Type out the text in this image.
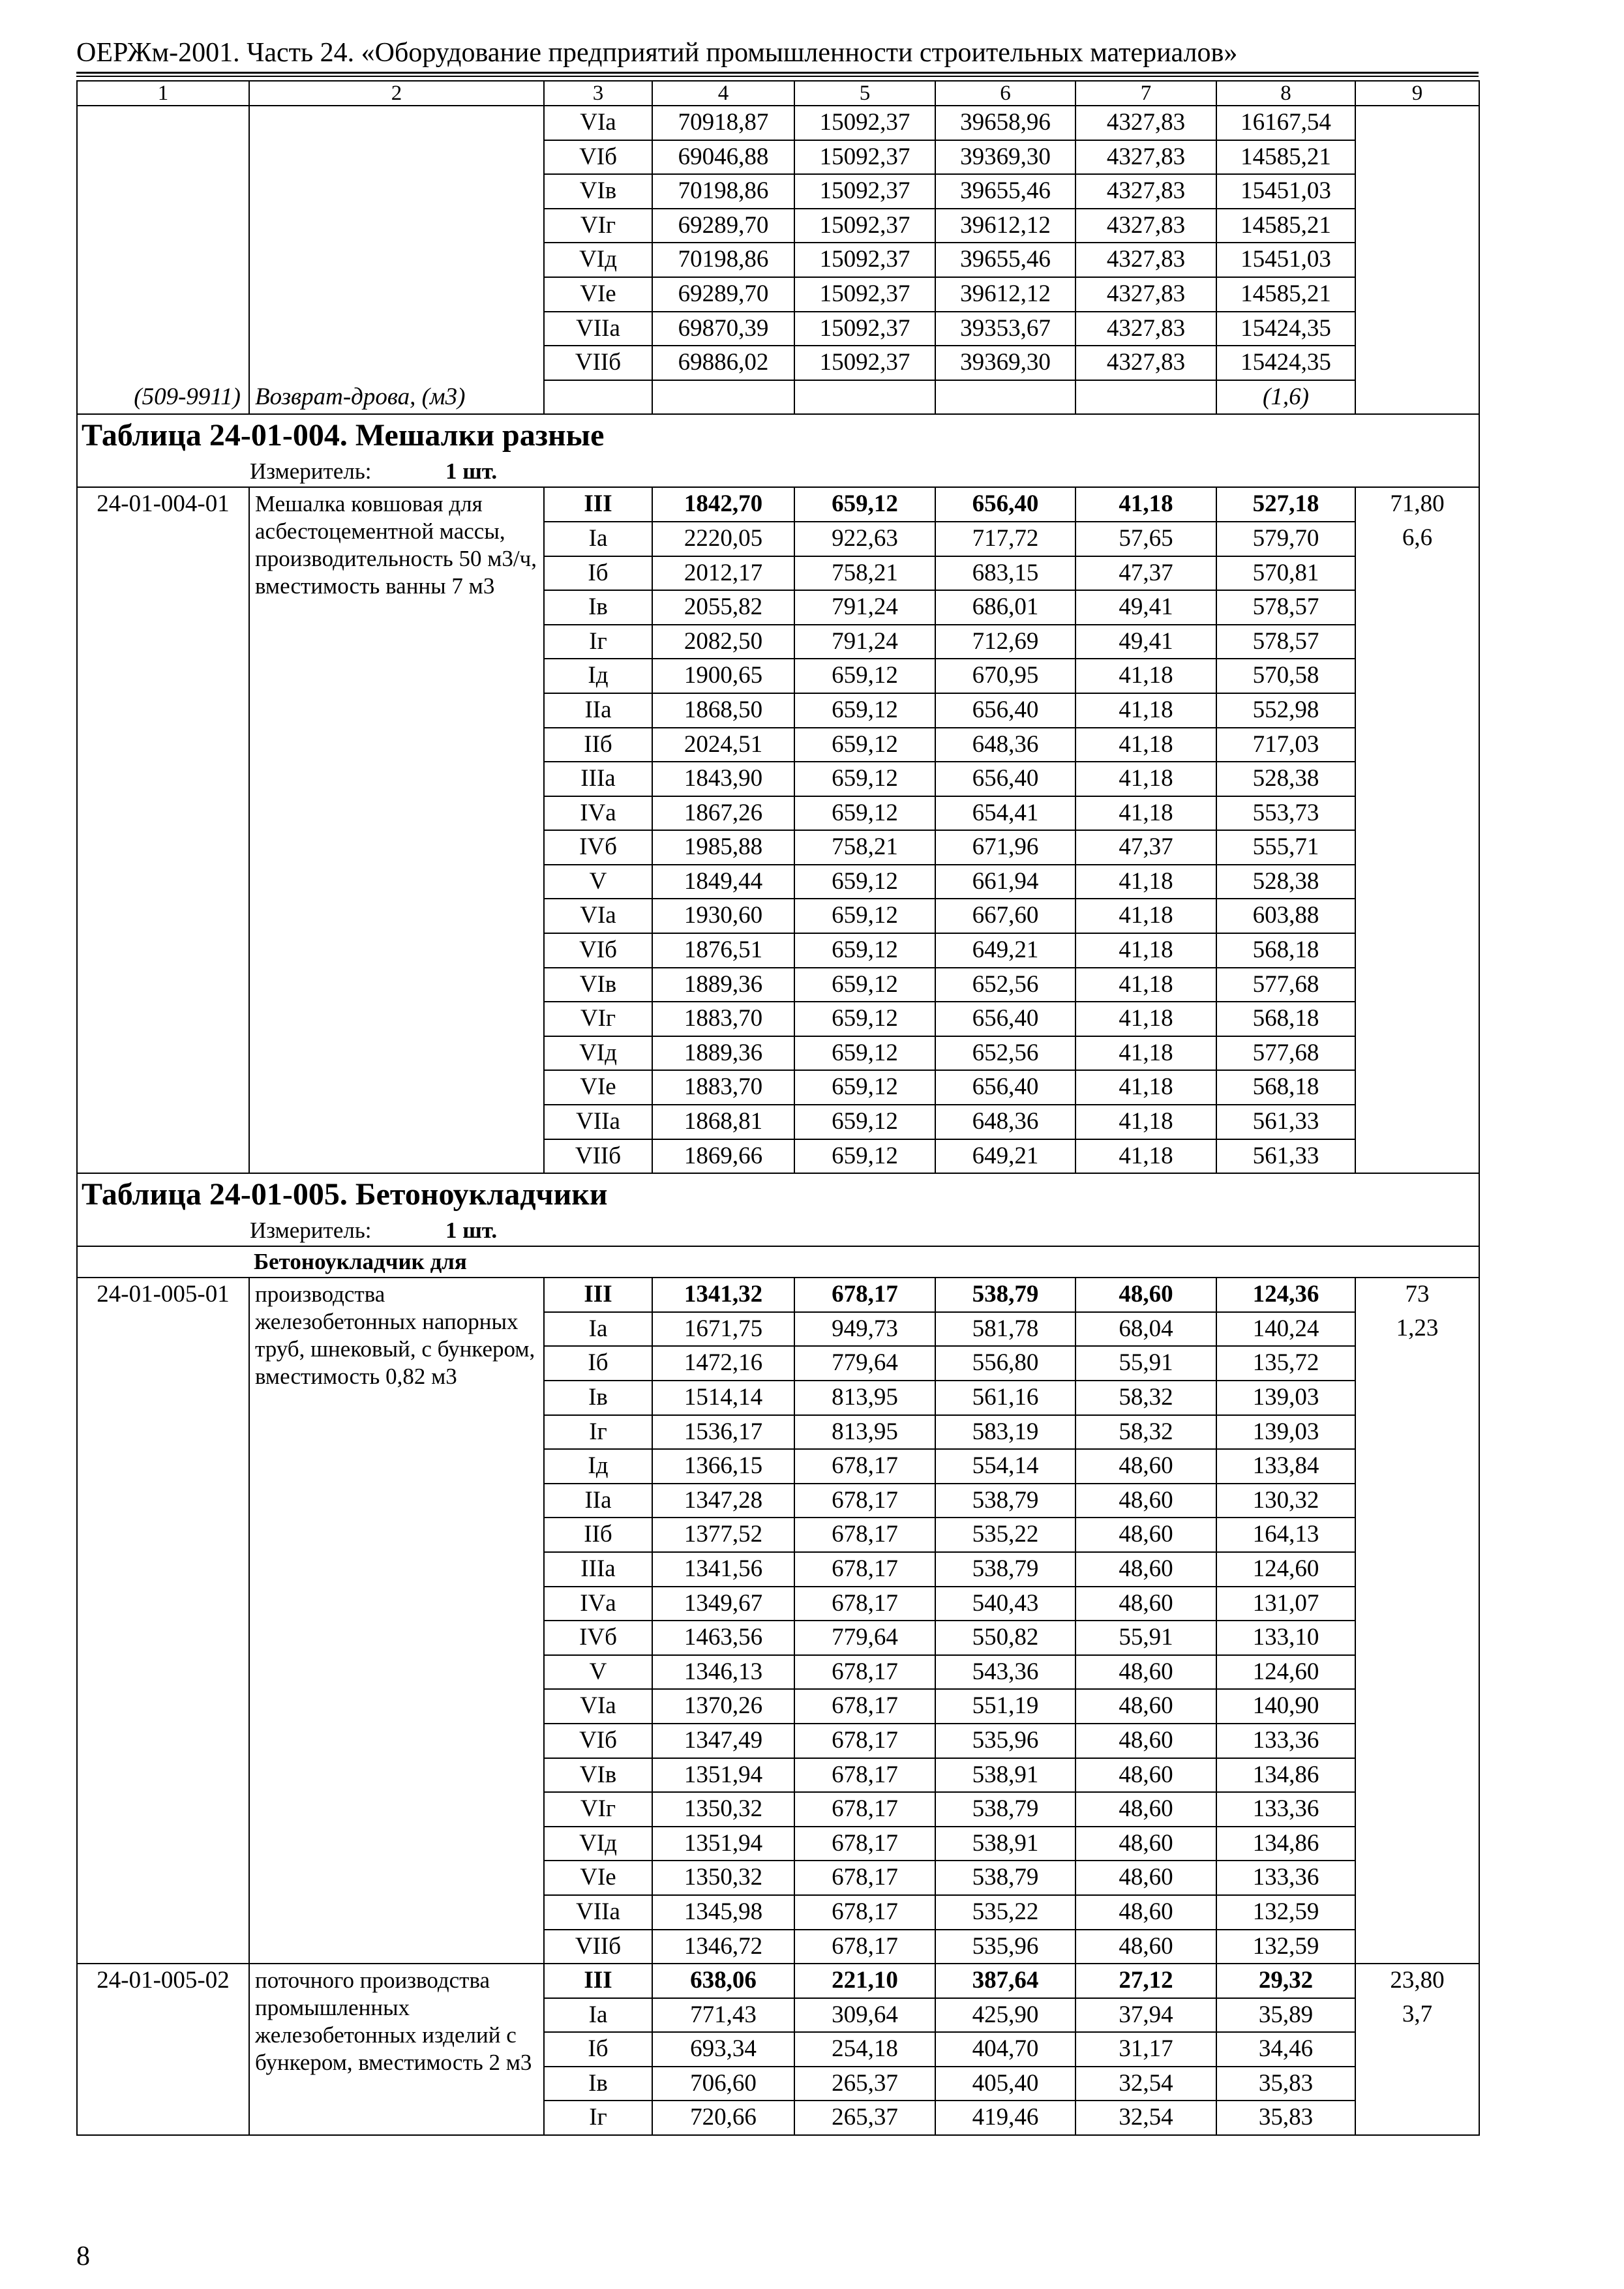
ОЕРЖм-2001. Часть 24. «Оборудование предприятий промышленности строительных материалов»
1	2	3	4	5	6	7	8	9
(509-9911)	Возврат-дрова, (м3)	VIа	70918,87	15092,37	39658,96	4327,83	16167,54	
		VIб	69046,88	15092,37	39369,30	4327,83	14585,21	
		VIв	70198,86	15092,37	39655,46	4327,83	15451,03	
		VIг	69289,70	15092,37	39612,12	4327,83	14585,21	
		VIд	70198,86	15092,37	39655,46	4327,83	15451,03	
		VIе	69289,70	15092,37	39612,12	4327,83	14585,21	
		VIIа	69870,39	15092,37	39353,67	4327,83	15424,35	
		VIIб	69886,02	15092,37	39369,30	4327,83	15424,35	
							(1,6)	
Таблица 24-01-004. Мешалки разные								
Измеритель: 1 шт.								
24-01-004-01	Мешалка ковшовая для асбестоцементной массы, производительность 50 м3/ч, вместимость ванны 7 м3	III	1842,70	659,12	656,40	41,18	527,18	71,80
		Iа	2220,05	922,63	717,72	57,65	579,70	6,6
		Iб	2012,17	758,21	683,15	47,37	570,81	
		Iв	2055,82	791,24	686,01	49,41	578,57	
		Iг	2082,50	791,24	712,69	49,41	578,57	
		Iд	1900,65	659,12	670,95	41,18	570,58	
		IIа	1868,50	659,12	656,40	41,18	552,98	
		IIб	2024,51	659,12	648,36	41,18	717,03	
		IIIа	1843,90	659,12	656,40	41,18	528,38	
		IVа	1867,26	659,12	654,41	41,18	553,73	
		IVб	1985,88	758,21	671,96	47,37	555,71	
		V	1849,44	659,12	661,94	41,18	528,38	
		VIа	1930,60	659,12	667,60	41,18	603,88	
		VIб	1876,51	659,12	649,21	41,18	568,18	
		VIв	1889,36	659,12	652,56	41,18	577,68	
		VIг	1883,70	659,12	656,40	41,18	568,18	
		VIд	1889,36	659,12	652,56	41,18	577,68	
		VIе	1883,70	659,12	656,40	41,18	568,18	
		VIIа	1868,81	659,12	648,36	41,18	561,33	
		VIIб	1869,66	659,12	649,21	41,18	561,33	
Таблица 24-01-005. Бетоноукладчики								
Измеритель: 1 шт.								
Бетоноукладчик для								
24-01-005-01	производства железобетонных напорных труб, шнековый, с бункером, вместимость 0,82 м3	III	1341,32	678,17	538,79	48,60	124,36	73
		Iа	1671,75	949,73	581,78	68,04	140,24	1,23
		Iб	1472,16	779,64	556,80	55,91	135,72	
		Iв	1514,14	813,95	561,16	58,32	139,03	
		Iг	1536,17	813,95	583,19	58,32	139,03	
		Iд	1366,15	678,17	554,14	48,60	133,84	
		IIа	1347,28	678,17	538,79	48,60	130,32	
		IIб	1377,52	678,17	535,22	48,60	164,13	
		IIIа	1341,56	678,17	538,79	48,60	124,60	
		IVа	1349,67	678,17	540,43	48,60	131,07	
		IVб	1463,56	779,64	550,82	55,91	133,10	
		V	1346,13	678,17	543,36	48,60	124,60	
		VIа	1370,26	678,17	551,19	48,60	140,90	
		VIб	1347,49	678,17	535,96	48,60	133,36	
		VIв	1351,94	678,17	538,91	48,60	134,86	
		VIг	1350,32	678,17	538,79	48,60	133,36	
		VIд	1351,94	678,17	538,91	48,60	134,86	
		VIе	1350,32	678,17	538,79	48,60	133,36	
		VIIа	1345,98	678,17	535,22	48,60	132,59	
		VIIб	1346,72	678,17	535,96	48,60	132,59	
24-01-005-02	поточного производства промышленных железобетонных изделий с бункером, вместимость 2 м3	III	638,06	221,10	387,64	27,12	29,32	23,80
		Iа	771,43	309,64	425,90	37,94	35,89	3,7
		Iб	693,34	254,18	404,70	31,17	34,46	
		Iв	706,60	265,37	405,40	32,54	35,83	
		Iг	720,66	265,37	419,46	32,54	35,83	
8
